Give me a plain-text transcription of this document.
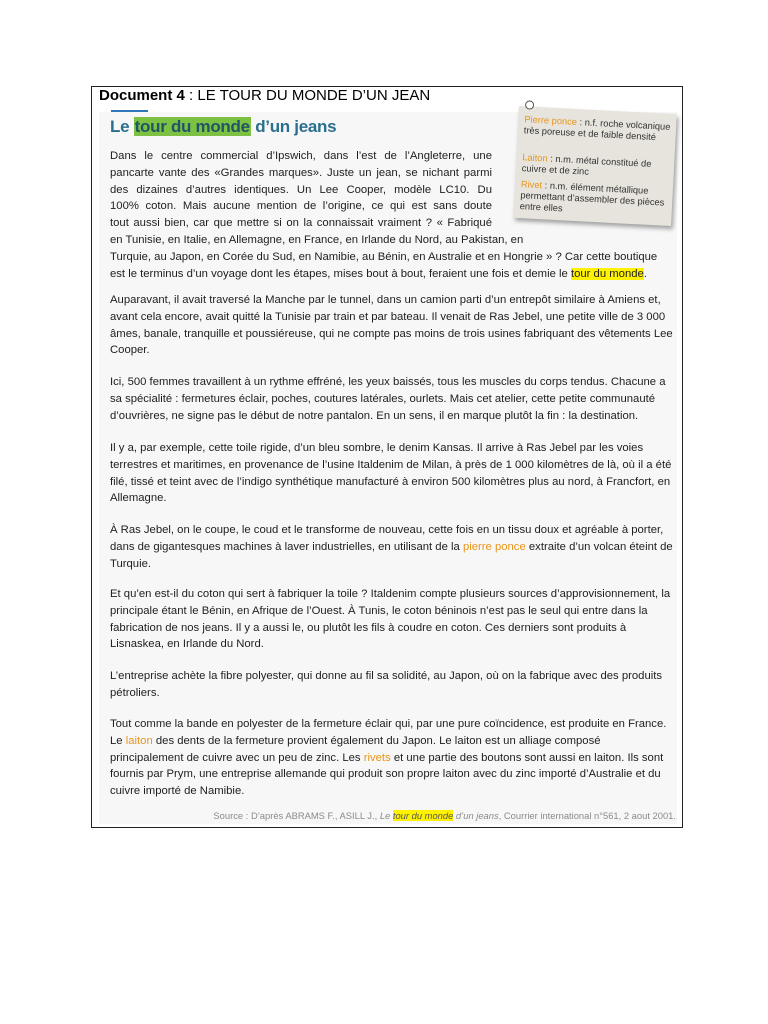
Document 4 : LE TOUR DU MONDE D’UN JEAN
Le tour du monde d’un jeans	Pierre ponce : n.f. roche volcanique très poreuse et de faible densité
Laiton : n.m. métal constitué de cuivre et de zinc
Rivet : n.m. élément métallique permettant d’assembler des pièces entre elles
Dans le centre commercial d’Ipswich, dans l’est de l’Angleterre, une
pancarte vante des «Grandes marques». Juste un jean, se nichant parmi
des dizaines d’autres identiques. Un Lee Cooper, modèle LC10. Du
100% coton. Mais aucune mention de l’origine, ce qui est sans doute
tout aussi bien, car que mettre si on la connaissait vraiment ? « Fabriqué
en Tunisie, en Italie, en Allemagne, en France, en Irlande du Nord, au Pakistan, en
Turquie, au Japon, en Corée du Sud, en Namibie, au Bénin, en Australie et en Hongrie » ? Car cette boutique
est le terminus d’un voyage dont les étapes, mises bout à bout, feraient une fois et demie le tour du monde.
Auparavant, il avait traversé la Manche par le tunnel, dans un camion parti d’un entrepôt similaire à Amiens et, avant cela encore, avait quitté la Tunisie par train et par bateau. Il venait de Ras Jebel, une petite ville de 3 000 âmes, banale, tranquille et poussiéreuse, qui ne compte pas moins de trois usines fabriquant des vêtements Lee Cooper.
Ici, 500 femmes travaillent à un rythme effréné, les yeux baissés, tous les muscles du corps tendus. Chacune a sa spécialité : fermetures éclair, poches, coutures latérales, ourlets. Mais cet atelier, cette petite communauté d’ouvrières, ne signe pas le début de notre pantalon. En un sens, il en marque plutôt la fin : la destination.
Il y a, par exemple, cette toile rigide, d’un bleu sombre, le denim Kansas. Il arrive à Ras Jebel par les voies terrestres et maritimes, en provenance de l’usine Italdenim de Milan, à près de 1 000 kilomètres de là, où il a été filé, tissé et teint avec de l’indigo synthétique manufacturé à environ 500 kilomètres plus au nord, à Francfort, en Allemagne.
À Ras Jebel, on le coupe, le coud et le transforme de nouveau, cette fois en un tissu doux et agréable à porter, dans de gigantesques machines à laver industrielles, en utilisant de la pierre ponce extraite d’un volcan éteint de Turquie.
Et qu’en est-il du coton qui sert à fabriquer la toile ? Italdenim compte plusieurs sources d’approvisionnement, la principale étant le Bénin, en Afrique de l’Ouest. À Tunis, le coton béninois n’est pas le seul qui entre dans la fabrication de nos jeans. Il y a aussi le, ou plutôt les fils à coudre en coton. Ces derniers sont produits à Lisnaskea, en Irlande du Nord.
L’entreprise achète la fibre polyester, qui donne au fil sa solidité, au Japon, où on la fabrique avec des produits pétroliers.
Tout comme la bande en polyester de la fermeture éclair qui, par une pure coïncidence, est produite en France. Le laiton des dents de la fermeture provient également du Japon. Le laiton est un alliage composé principalement de cuivre avec un peu de zinc. Les rivets et une partie des boutons sont aussi en laiton. Ils sont fournis par Prym, une entreprise allemande qui produit son propre laiton avec du zinc importé d’Australie et du cuivre importé de Namibie.
Source : D’après ABRAMS F., ASILL J., Le tour du monde d’un jeans, Courrier international n°561, 2 aout 2001.
